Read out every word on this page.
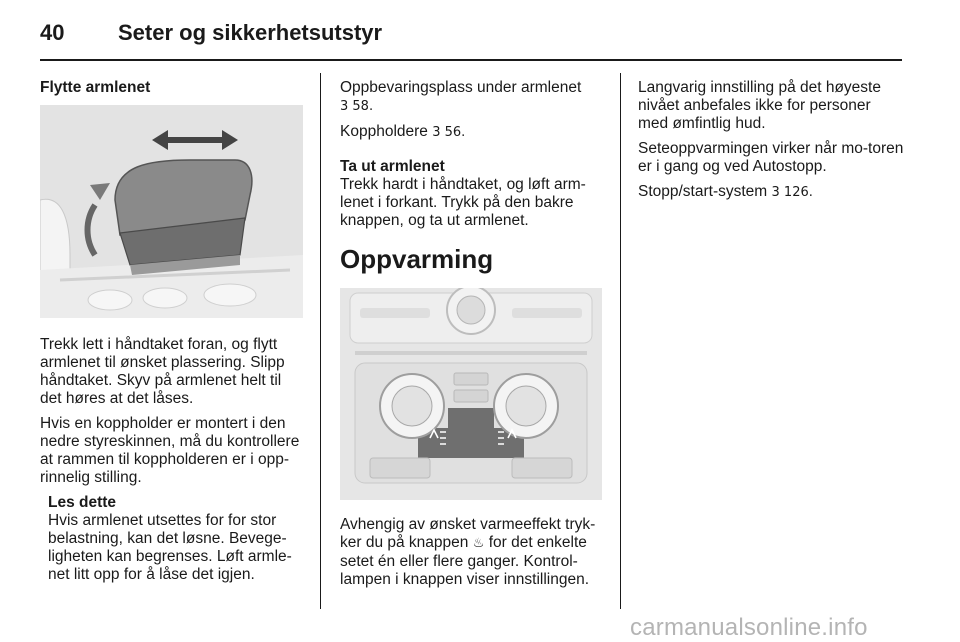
40 Seter og sikkerhetsutstyr

Flytte armlenet

Trekk lett i håndtaket foran, og flytt armlenet til ønsket plassering. Slipp håndtaket. Skyv på armlenet helt til det høres at det låses.

Hvis en koppholder er montert i den nedre styreskinnen, må du kontrollere at rammen til koppholderen er i opp-rinnelig stilling.

Les dette

Hvis armlenet utsettes for for stor belastning, kan det løsne. Bevege-ligheten kan begrenses. Løft armle-net litt opp for å låse det igjen.

Oppbevaringsplass under armlenet
3 58.

Koppholdere 3 56.

Ta ut armlenet

Trekk hardt i håndtaket, og løft arm-lenet i forkant. Trykk på den bakre knappen, og ta ut armlenet.

Oppvarming

Avhengig av ønsket varmeeffekt tryk-ker du på knappen ♨ for det enkelte setet én eller flere ganger. Kontrol-lampen i knappen viser innstillingen.

Langvarig innstilling på det høyeste nivået anbefales ikke for personer med ømfintlig hud.

Seteoppvarmingen virker når mo-toren er i gang og ved Autostopp.

Stopp/start-system 3 126.

carmanualsonline.info
